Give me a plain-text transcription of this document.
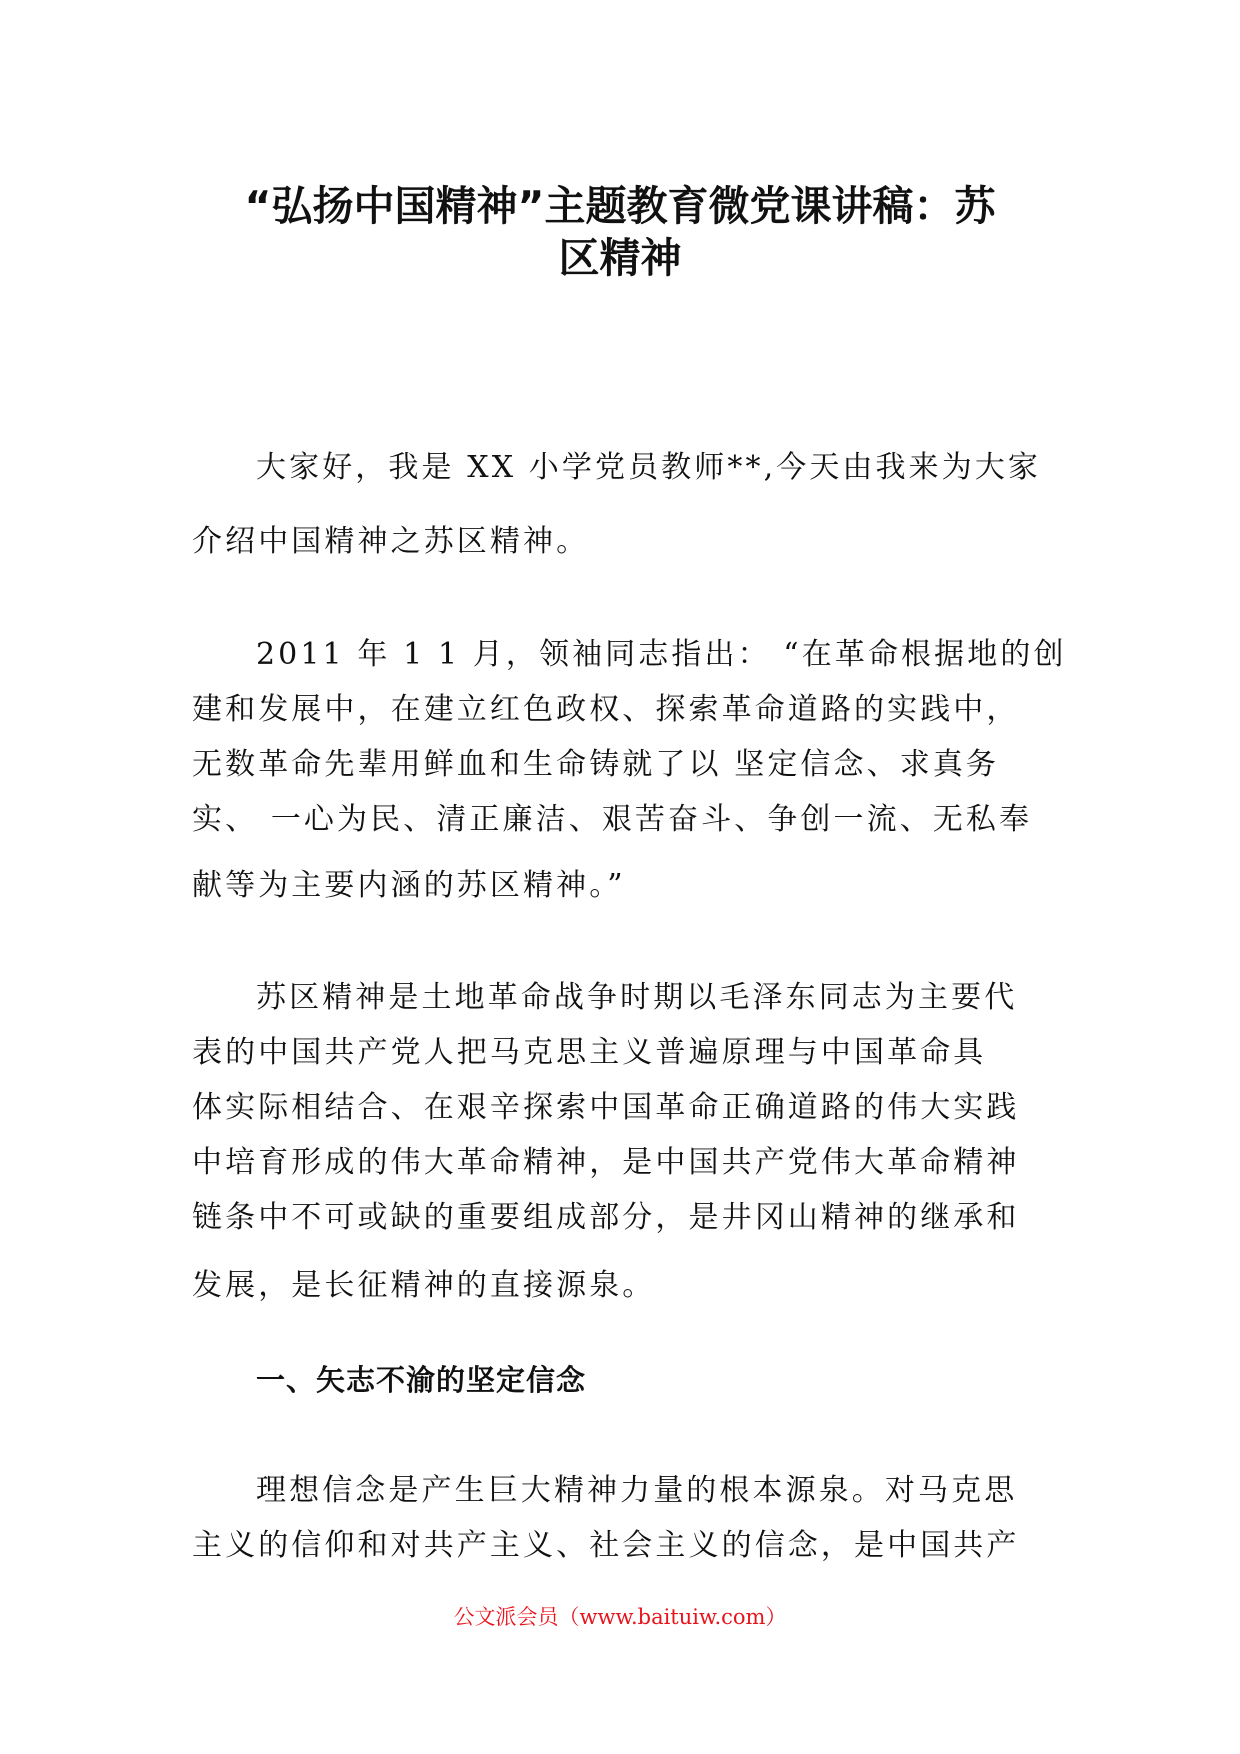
“弘扬中国精神”主题教育微党课讲稿：苏
区精神

大家好，我是 XX 小学党员教师**,今天由我来为大家

介绍中国精神之苏区精神。

2011 年 1 1 月，领袖同志指出： “在革命根据地的创

建和发展中，在建立红色政权、探索革命道路的实践中，

无数革命先辈用鲜血和生命铸就了以 坚定信念、求真务

实、 一心为民、清正廉洁、艰苦奋斗、争创一流、无私奉

献等为主要内涵的苏区精神。”

苏区精神是土地革命战争时期以毛泽东同志为主要代

表的中国共产党人把马克思主义普遍原理与中国革命具

体实际相结合、在艰辛探索中国革命正确道路的伟大实践

中培育形成的伟大革命精神，是中国共产党伟大革命精神

链条中不可或缺的重要组成部分，是井冈山精神的继承和

发展，是长征精神的直接源泉。

一、矢志不渝的坚定信念

理想信念是产生巨大精神力量的根本源泉。对马克思

主义的信仰和对共产主义、社会主义的信念，是中国共产

公文派会员（www.baituiw.com）
